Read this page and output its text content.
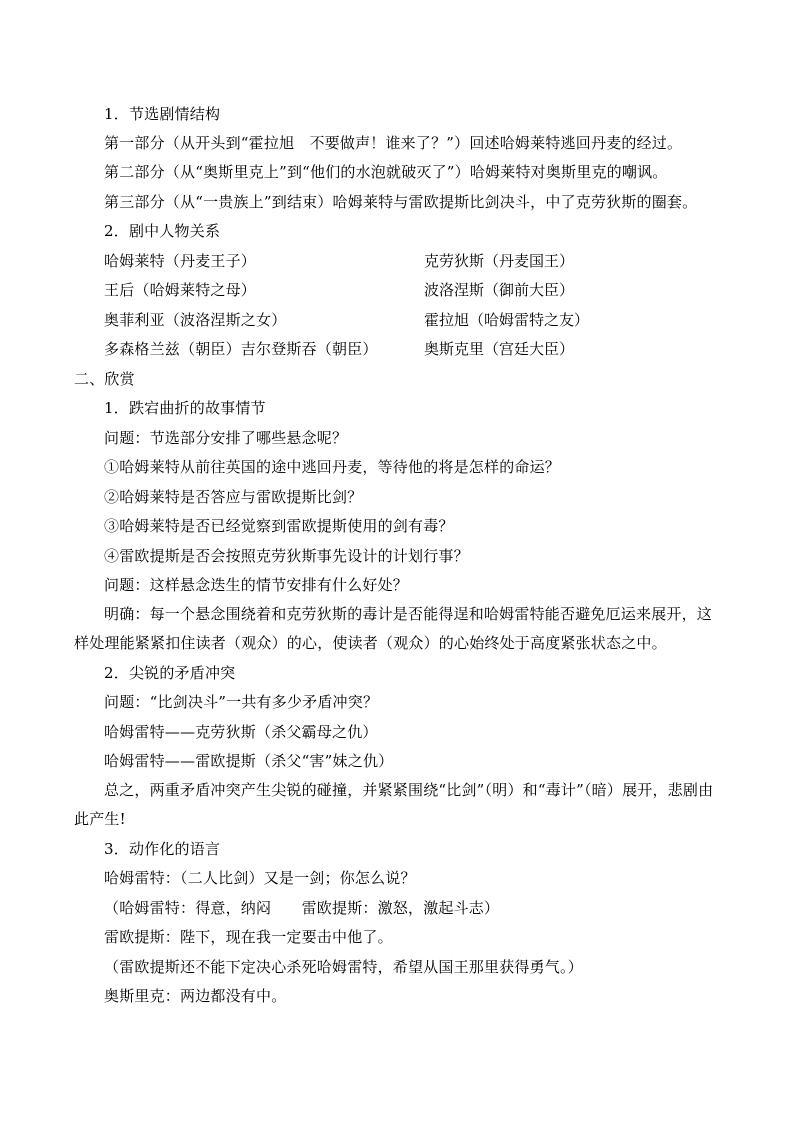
1．节选剧情结构
第一部分（从开头到“霍拉旭　不要做声！谁来了？”）回述哈姆莱特逃回丹麦的经过。
第二部分（从“奥斯里克上”到“他们的水泡就破灭了”）哈姆莱特对奥斯里克的嘲讽。
第三部分（从“一贵族上”到结束）哈姆莱特与雷欧提斯比剑决斗，中了克劳狄斯的圈套。
2．剧中人物关系
哈姆莱特（丹麦王子）	克劳狄斯（丹麦国王）
王后（哈姆莱特之母）	波洛涅斯（御前大臣）
奥菲利亚（波洛涅斯之女）	霍拉旭（哈姆雷特之友）
多森格兰兹（朝臣）吉尔登斯吞（朝臣）	奥斯克里（宫廷大臣）
二、欣赏
1．跌宕曲折的故事情节
问题：节选部分安排了哪些悬念呢？
①哈姆莱特从前往英国的途中逃回丹麦，等待他的将是怎样的命运？
②哈姆莱特是否答应与雷欧提斯比剑？
③哈姆莱特是否已经觉察到雷欧提斯使用的剑有毒？
④雷欧提斯是否会按照克劳狄斯事先设计的计划行事？
问题：这样悬念迭生的情节安排有什么好处？
明确：每一个悬念围绕着和克劳狄斯的毒计是否能得逞和哈姆雷特能否避免厄运来展开，这样处理能紧紧扣住读者（观众）的心，使读者（观众）的心始终处于高度紧张状态之中。
2．尖锐的矛盾冲突
问题：“比剑决斗”一共有多少矛盾冲突？
哈姆雷特——克劳狄斯（杀父霸母之仇）
哈姆雷特——雷欧提斯（杀父“害”妹之仇）
总之，两重矛盾冲突产生尖锐的碰撞，并紧紧围绕“比剑”（明）和“毒计”（暗）展开，悲剧由此产生!
3．动作化的语言
哈姆雷特：（二人比剑）又是一剑；你怎么说？
（哈姆雷特：得意，纳闷　　雷欧提斯：激怒，激起斗志）
雷欧提斯：陛下，现在我一定要击中他了。
（雷欧提斯还不能下定决心杀死哈姆雷特，希望从国王那里获得勇气。）
奥斯里克：两边都没有中。
